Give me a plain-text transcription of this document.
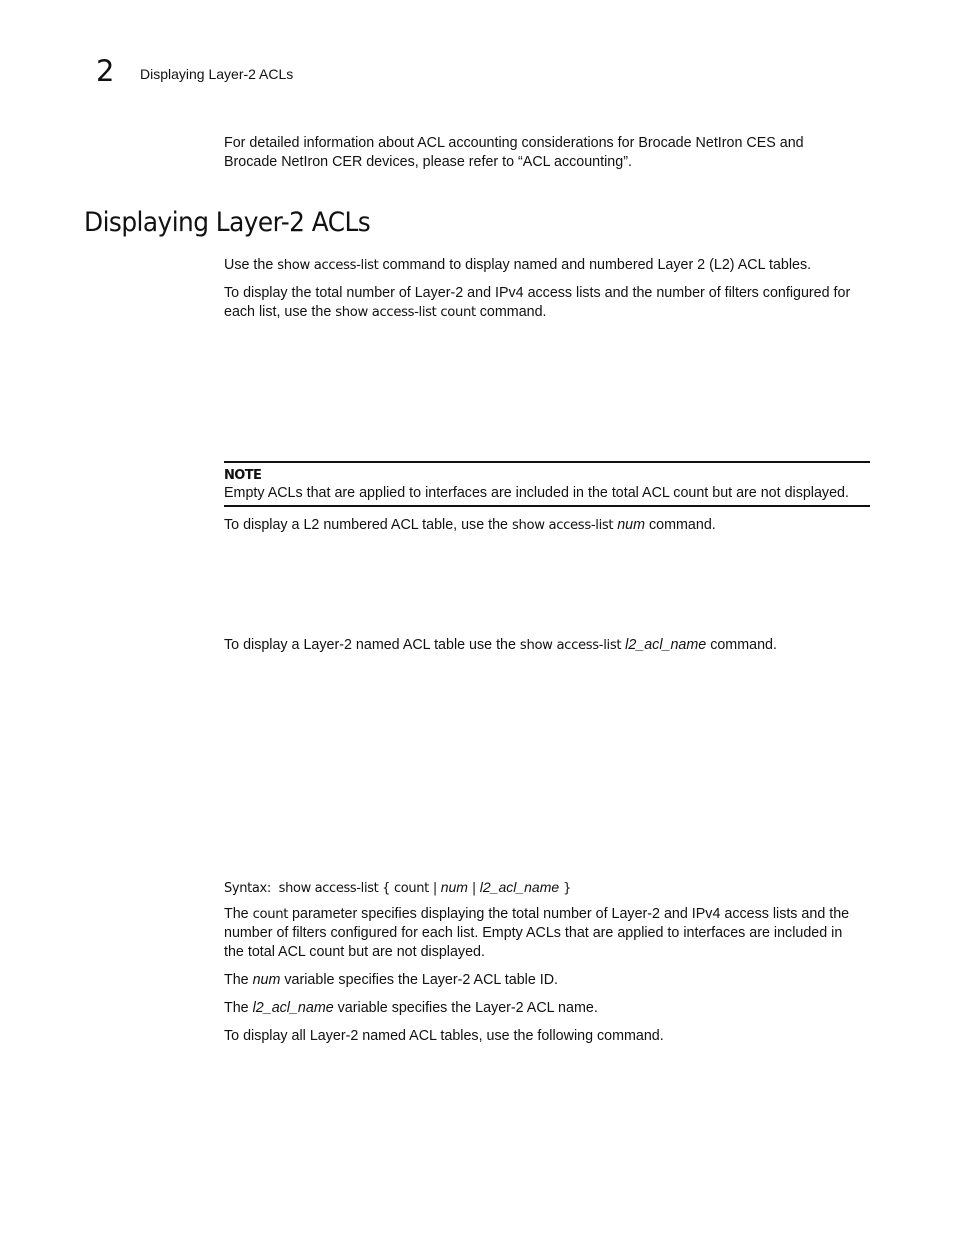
2 Displaying Layer-2 ACLs

For detailed information about ACL accounting considerations for Brocade NetIron CES and
Brocade NetIron CER devices, please refer to “ACL accounting”.

Displaying Layer-2 ACLs

Use the show access-list command to display named and numbered Layer 2 (L2) ACL tables.

To display the total number of Layer-2 and IPv4 access lists and the number of filters configured for
each list, use the show access-list count command.

NOTE
Empty ACLs that are applied to interfaces are included in the total ACL count but are not displayed.

To display a L2 numbered ACL table, use the show access-list num command.

To display a Layer-2 named ACL table use the show access-list l2_acl_name command.

Syntax: show access-list { count | num | l2_acl_name }

The count parameter specifies displaying the total number of Layer-2 and IPv4 access lists and the
number of filters configured for each list. Empty ACLs that are applied to interfaces are included in
the total ACL count but are not displayed.

The num variable specifies the Layer-2 ACL table ID.

The l2_acl_name variable specifies the Layer-2 ACL name.

To display all Layer-2 named ACL tables, use the following command.
